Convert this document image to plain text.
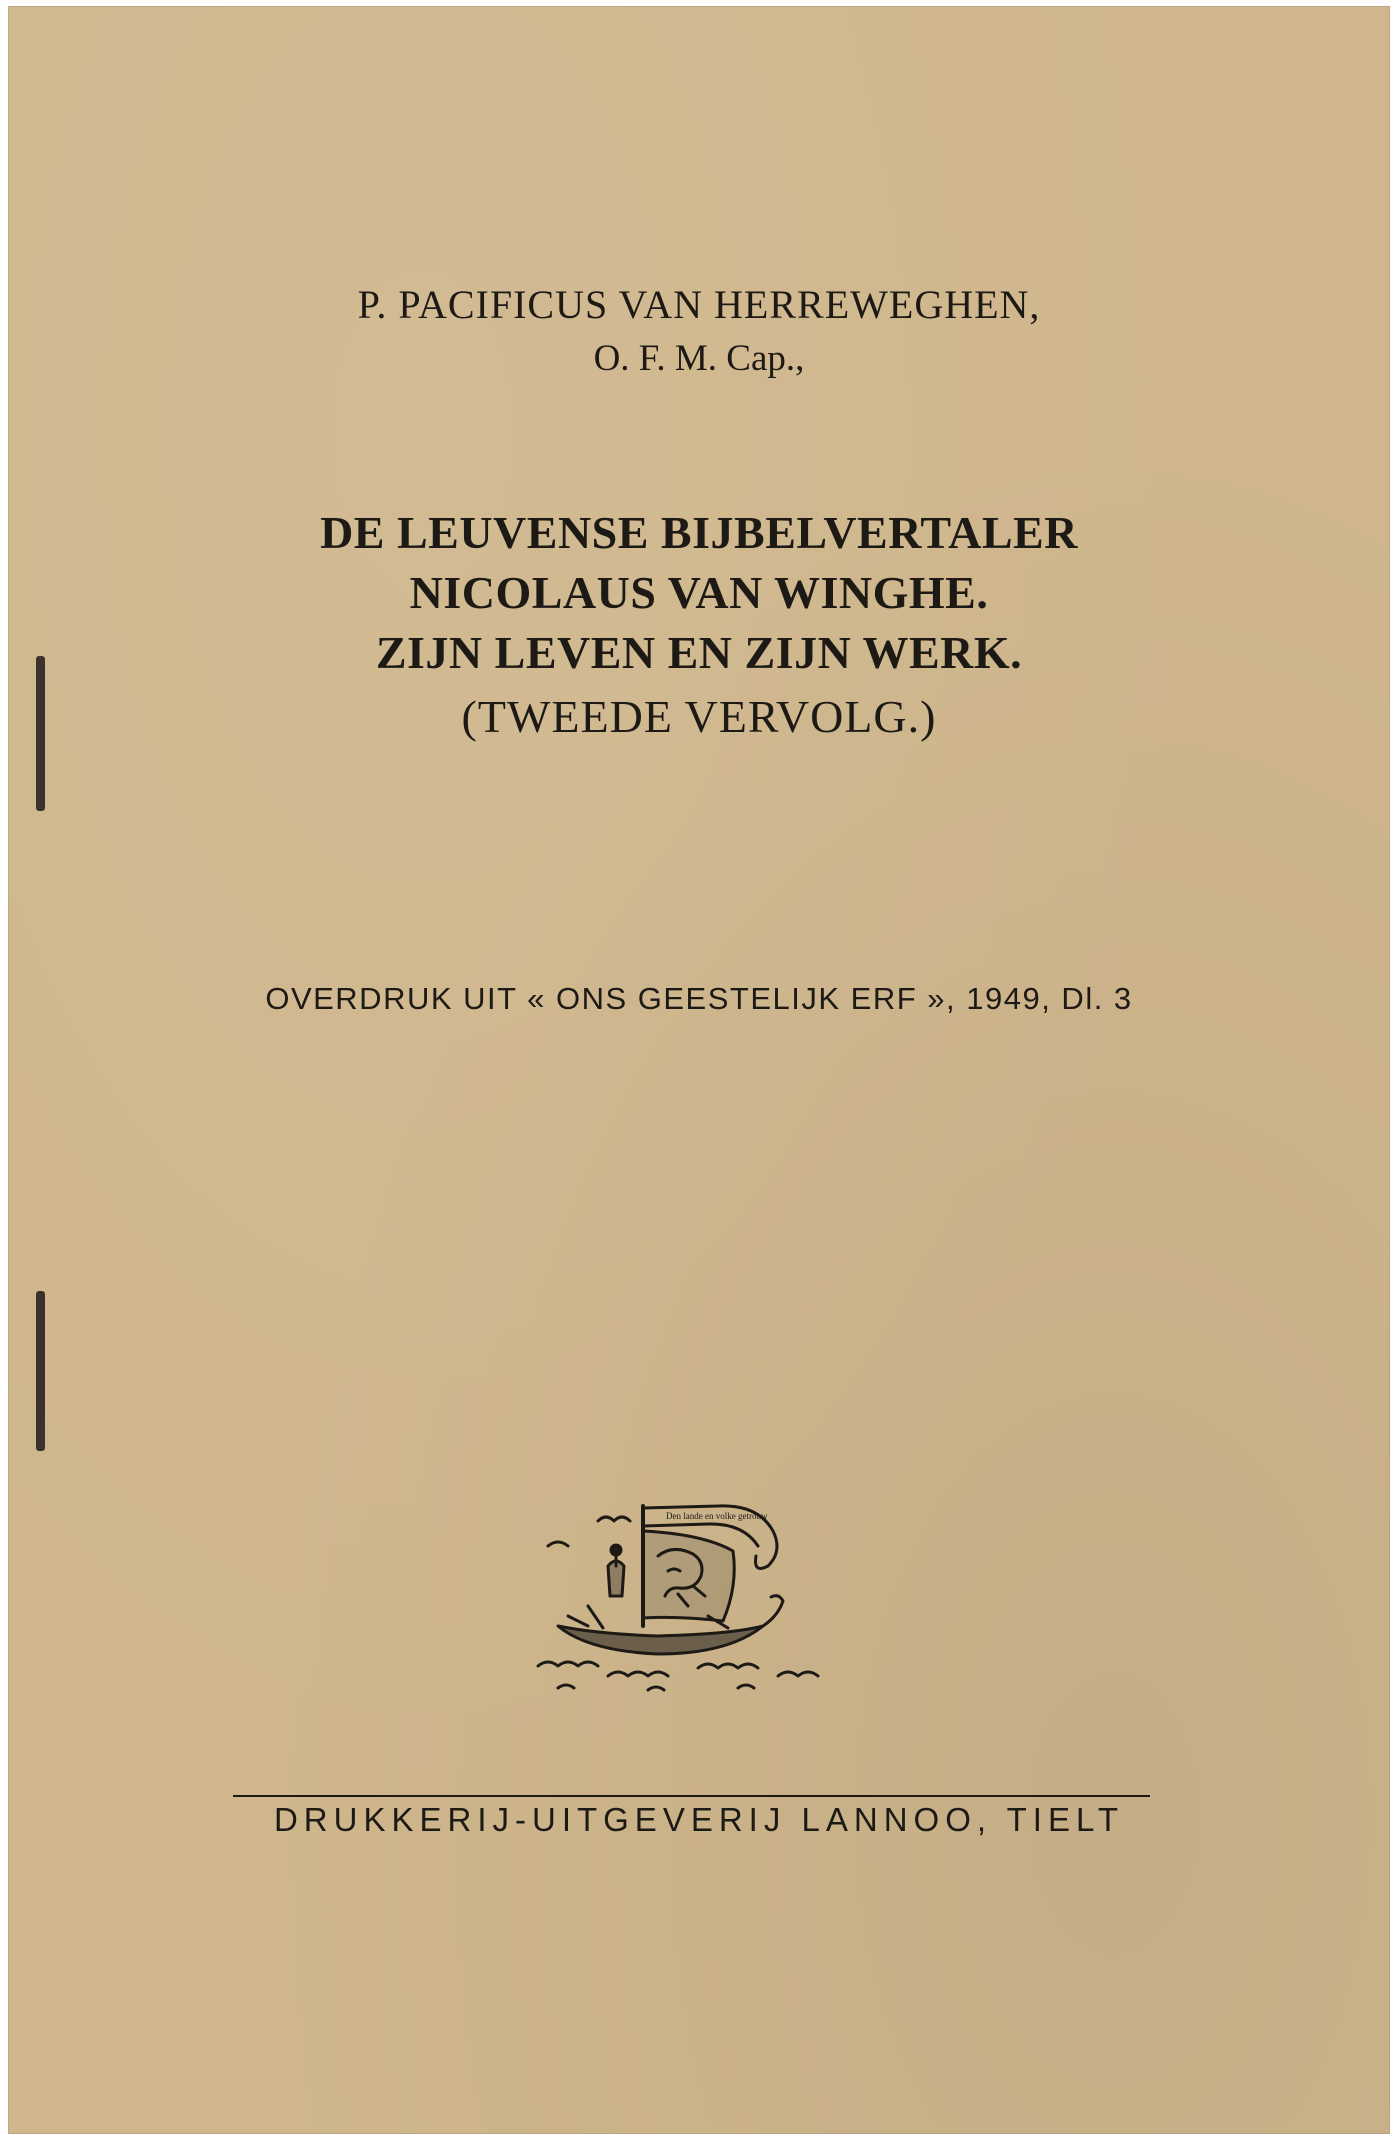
P. PACIFICUS VAN HERREWEGHEN,
O. F. M. Cap.,
DE LEUVENSE BIJBELVERTALER
NICOLAUS VAN WINGHE.
ZIJN LEVEN EN ZIJN WERK.
(TWEEDE VERVOLG.)
OVERDRUK UIT « ONS GEESTELIJK ERF », 1949, Dl. 3
Den lande en volke getrouw
DRUKKERIJ-UITGEVERIJ LANNOO, TIELT
